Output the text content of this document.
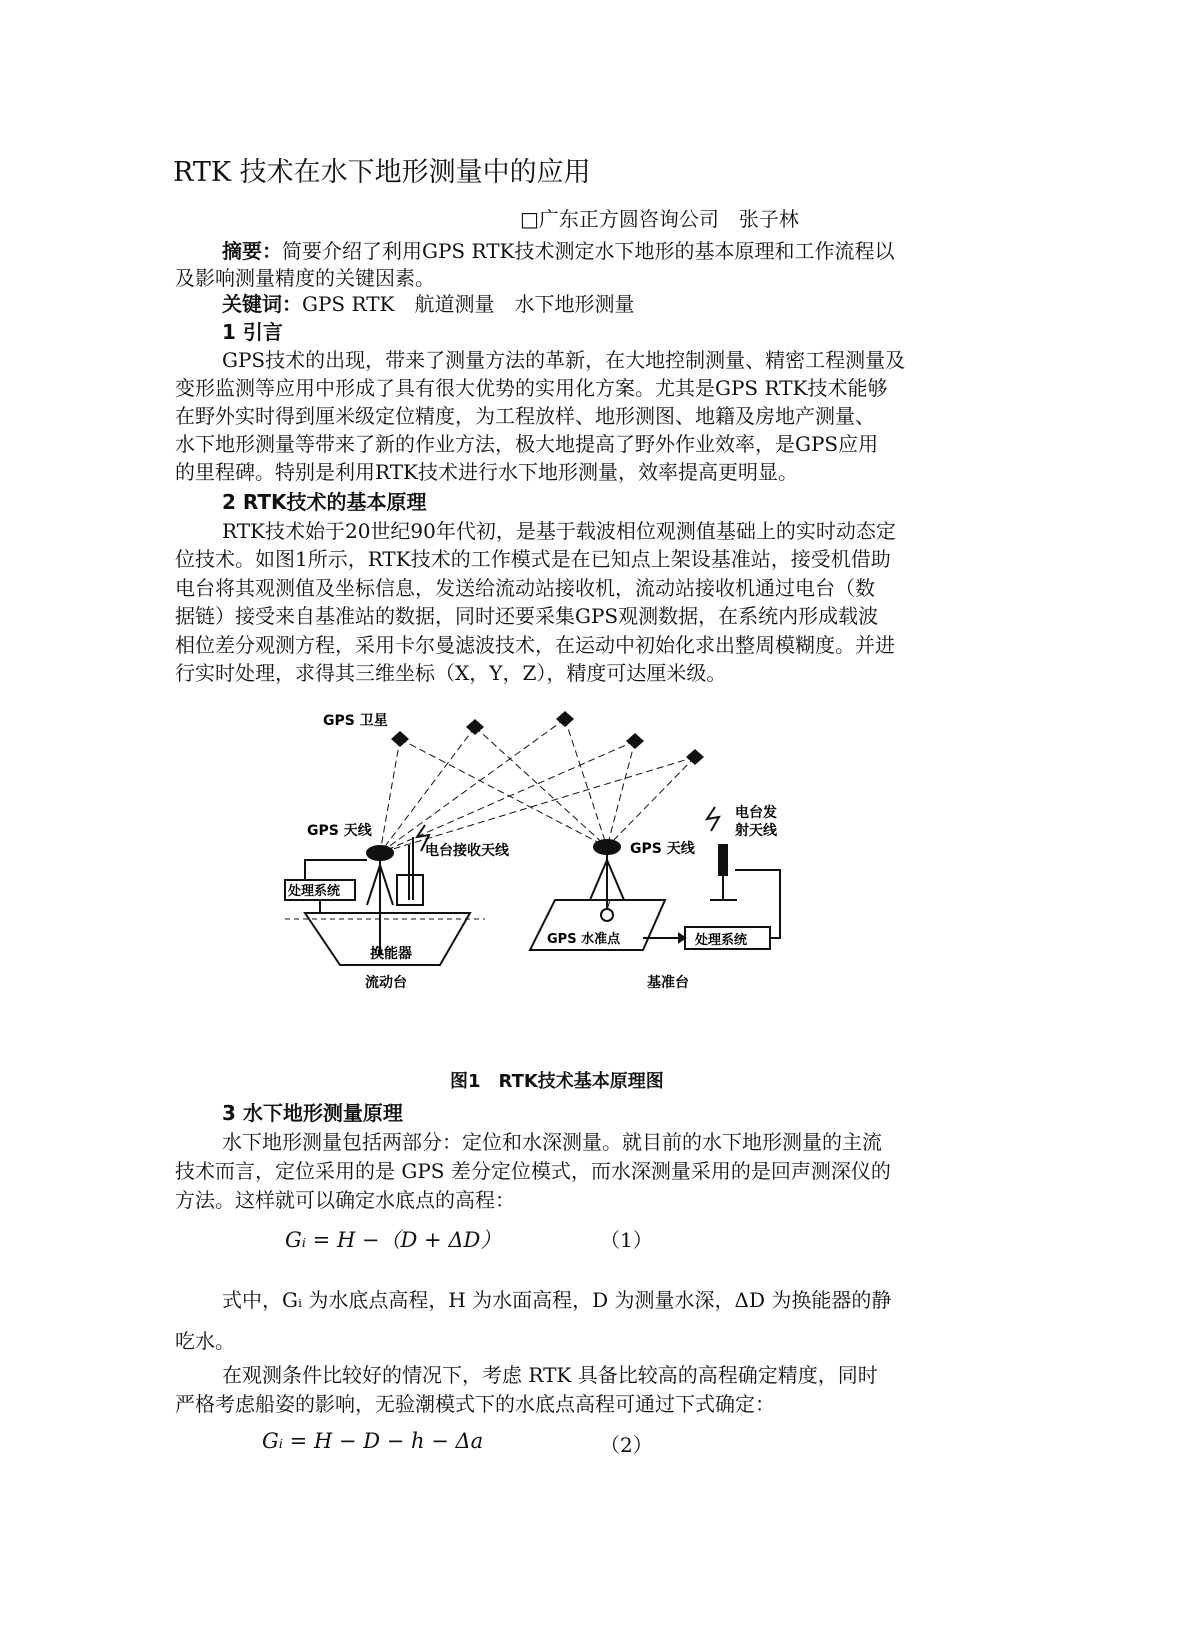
RTK 技术在水下地形测量中的应用
□广东正方圆咨询公司　张子林
摘要：简要介绍了利用GPS RTK技术测定水下地形的基本原理和工作流程以
及影响测量精度的关键因素。
关键词：GPS RTK　航道测量　水下地形测量
1 引言
GPS技术的出现，带来了测量方法的革新，在大地控制测量、精密工程测量及
变形监测等应用中形成了具有很大优势的实用化方案。尤其是GPS RTK技术能够
在野外实时得到厘米级定位精度，为工程放样、地形测图、地籍及房地产测量、
水下地形测量等带来了新的作业方法，极大地提高了野外作业效率，是GPS应用
的里程碑。特别是利用RTK技术进行水下地形测量，效率提高更明显。
2 RTK技术的基本原理
RTK技术始于20世纪90年代初，是基于载波相位观测值基础上的实时动态定
位技术。如图1所示，RTK技术的工作模式是在已知点上架设基准站，接受机借助
电台将其观测值及坐标信息，发送给流动站接收机，流动站接收机通过电台（数
据链）接受来自基准站的数据，同时还要采集GPS观测数据，在系统内形成载波
相位差分观测方程，采用卡尔曼滤波技术，在运动中初始化求出整周模糊度。并进
行实时处理，求得其三维坐标（X，Y，Z），精度可达厘米级。
GPS 卫星
GPS 天线
电台接收天线
处理系统
换能器
流动台
GPS 天线
电台发
射天线
GPS 水准点	处理系统
基准台
图1　RTK技术基本原理图
3 水下地形测量原理
水下地形测量包括两部分：定位和水深测量。就目前的水下地形测量的主流
技术而言，定位采用的是 GPS 差分定位模式，而水深测量采用的是回声测深仪的
方法。这样就可以确定水底点的高程：
Gᵢ = H −（D + ΔD）	（1）
式中，Gᵢ 为水底点高程，H 为水面高程，D 为测量水深，ΔD 为换能器的静
吃水。
在观测条件比较好的情况下，考虑 RTK 具备比较高的高程确定精度，同时
严格考虑船姿的影响，无验潮模式下的水底点高程可通过下式确定：
Gᵢ = H − D − h − Δa	（2）
